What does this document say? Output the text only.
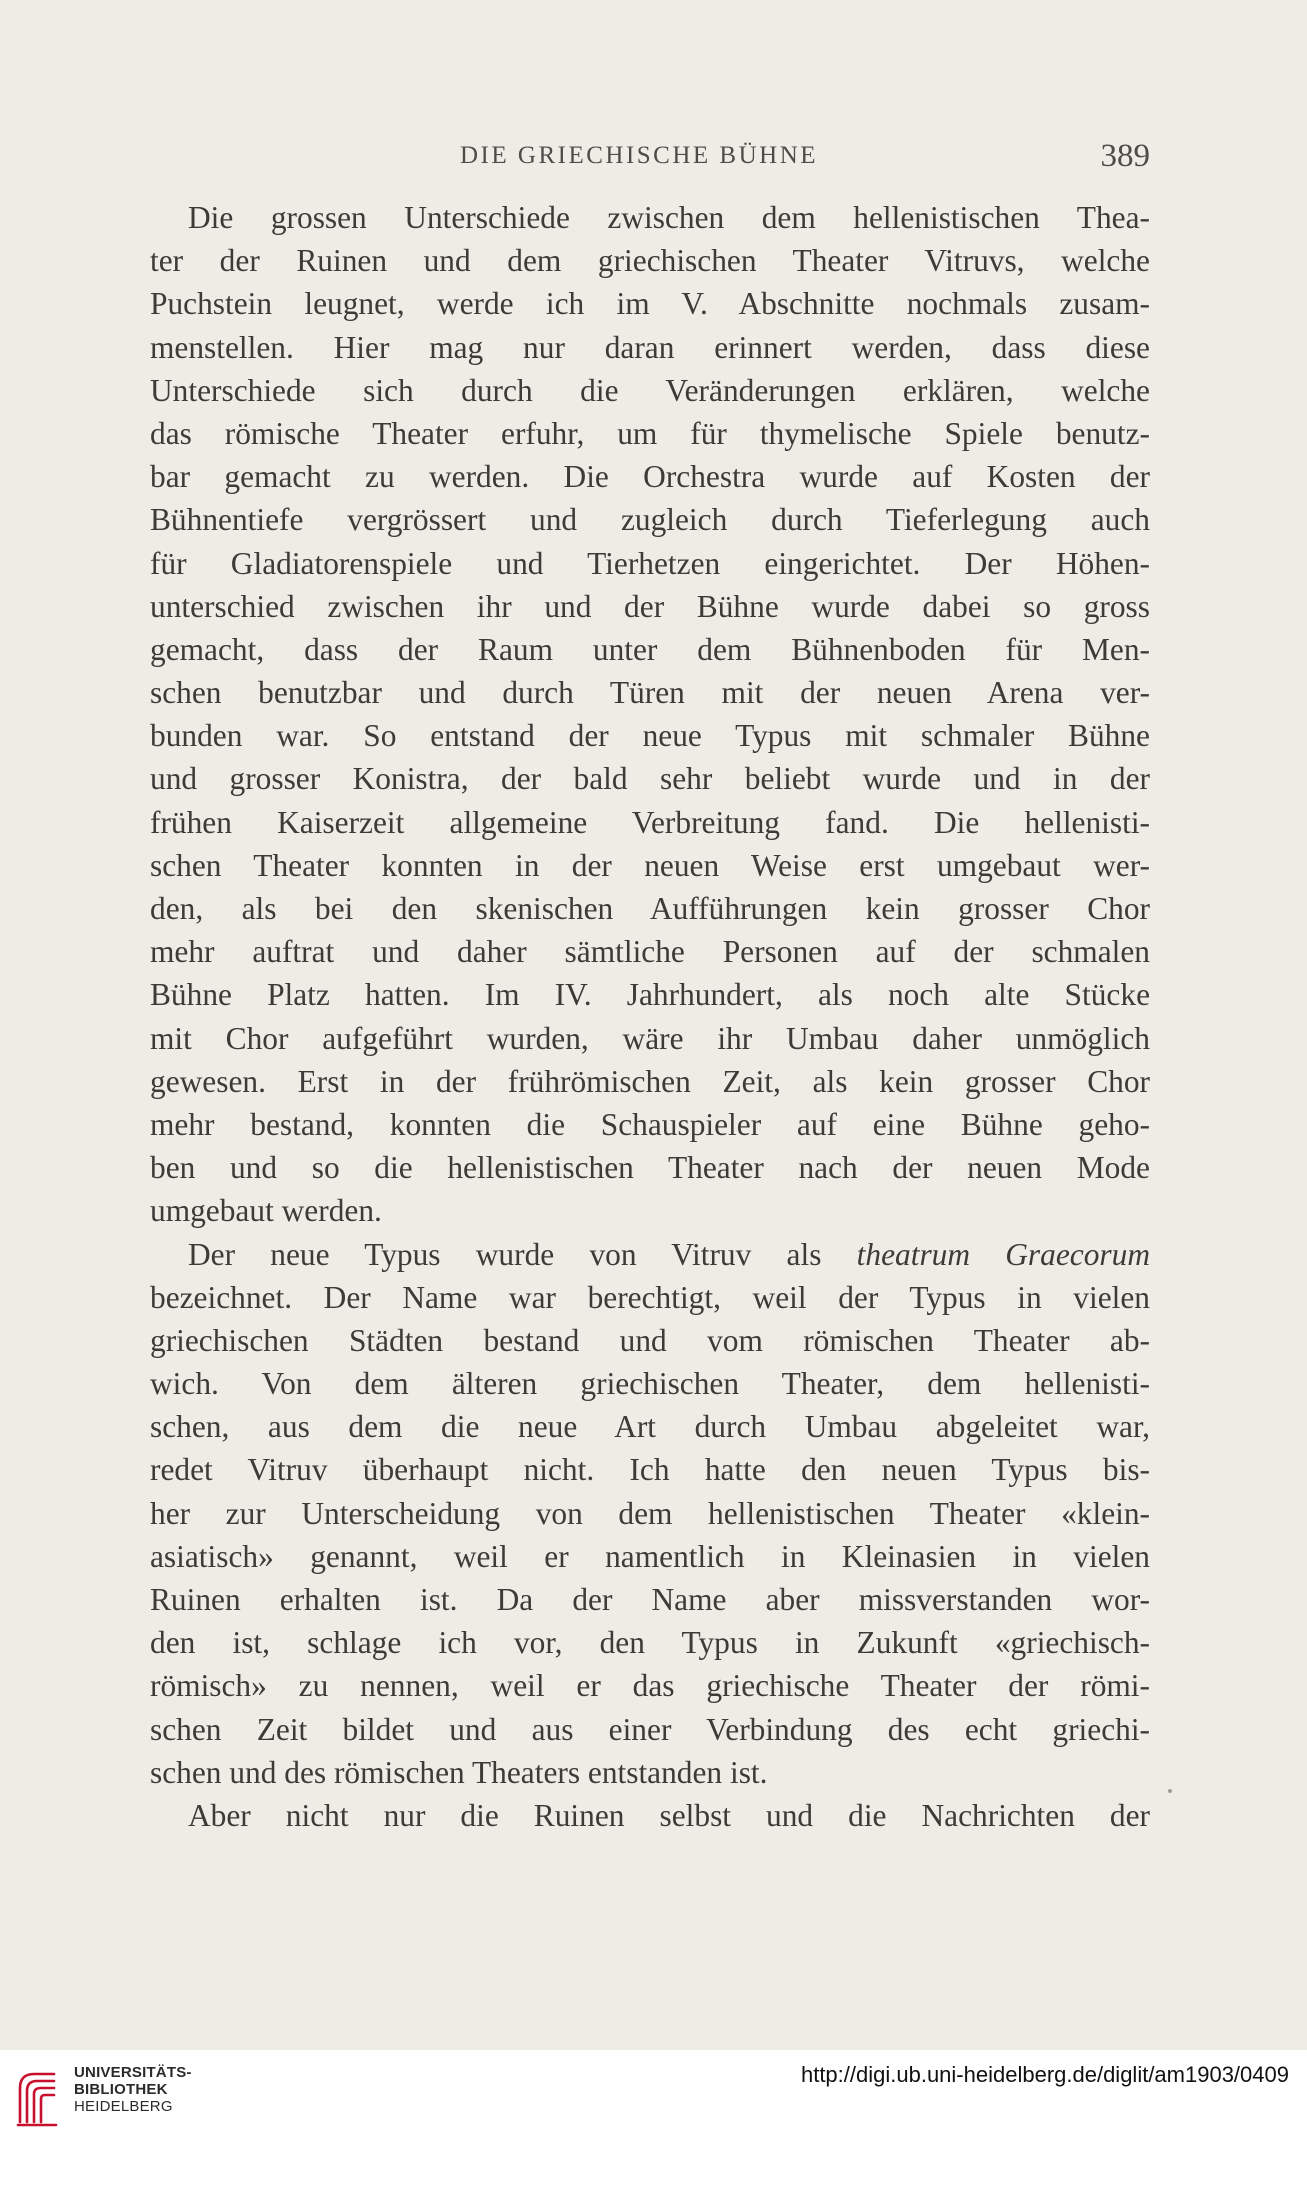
DIE GRIECHISCHE BÜHNE	389
Die grossen Unterschiede zwischen dem hellenistischen Thea-
ter der Ruinen und dem griechischen Theater Vitruvs, welche
Puchstein leugnet, werde ich im V. Abschnitte nochmals zusam-
menstellen. Hier mag nur daran erinnert werden, dass diese
Unterschiede sich durch die Veränderungen erklären, welche
das römische Theater erfuhr, um für thymelische Spiele benutz-
bar gemacht zu werden. Die Orchestra wurde auf Kosten der
Bühnentiefe vergrössert und zugleich durch Tieferlegung auch
für Gladiatorenspiele und Tierhetzen eingerichtet. Der Höhen-
unterschied zwischen ihr und der Bühne wurde dabei so gross
gemacht, dass der Raum unter dem Bühnenboden für Men-
schen benutzbar und durch Türen mit der neuen Arena ver-
bunden war. So entstand der neue Typus mit schmaler Bühne
und grosser Konistra, der bald sehr beliebt wurde und in der
frühen Kaiserzeit allgemeine Verbreitung fand. Die hellenisti-
schen Theater konnten in der neuen Weise erst umgebaut wer-
den, als bei den skenischen Aufführungen kein grosser Chor
mehr auftrat und daher sämtliche Personen auf der schmalen
Bühne Platz hatten. Im IV. Jahrhundert, als noch alte Stücke
mit Chor aufgeführt wurden, wäre ihr Umbau daher unmöglich
gewesen. Erst in der frührömischen Zeit, als kein grosser Chor
mehr bestand, konnten die Schauspieler auf eine Bühne geho-
ben und so die hellenistischen Theater nach der neuen Mode
umgebaut werden.
Der neue Typus wurde von Vitruv als theatrum Graecorum
bezeichnet. Der Name war berechtigt, weil der Typus in vielen
griechischen Städten bestand und vom römischen Theater ab-
wich. Von dem älteren griechischen Theater, dem hellenisti-
schen, aus dem die neue Art durch Umbau abgeleitet war,
redet Vitruv überhaupt nicht. Ich hatte den neuen Typus bis-
her zur Unterscheidung von dem hellenistischen Theater «klein-
asiatisch» genannt, weil er namentlich in Kleinasien in vielen
Ruinen erhalten ist. Da der Name aber missverstanden wor-
den ist, schlage ich vor, den Typus in Zukunft «griechisch-
römisch» zu nennen, weil er das griechische Theater der römi-
schen Zeit bildet und aus einer Verbindung des echt griechi-
schen und des römischen Theaters entstanden ist.
Aber nicht nur die Ruinen selbst und die Nachrichten der
UNIVERSITÄTS-
BIBLIOTHEK
HEIDELBERG
http://digi.ub.uni-heidelberg.de/diglit/am1903/0409
